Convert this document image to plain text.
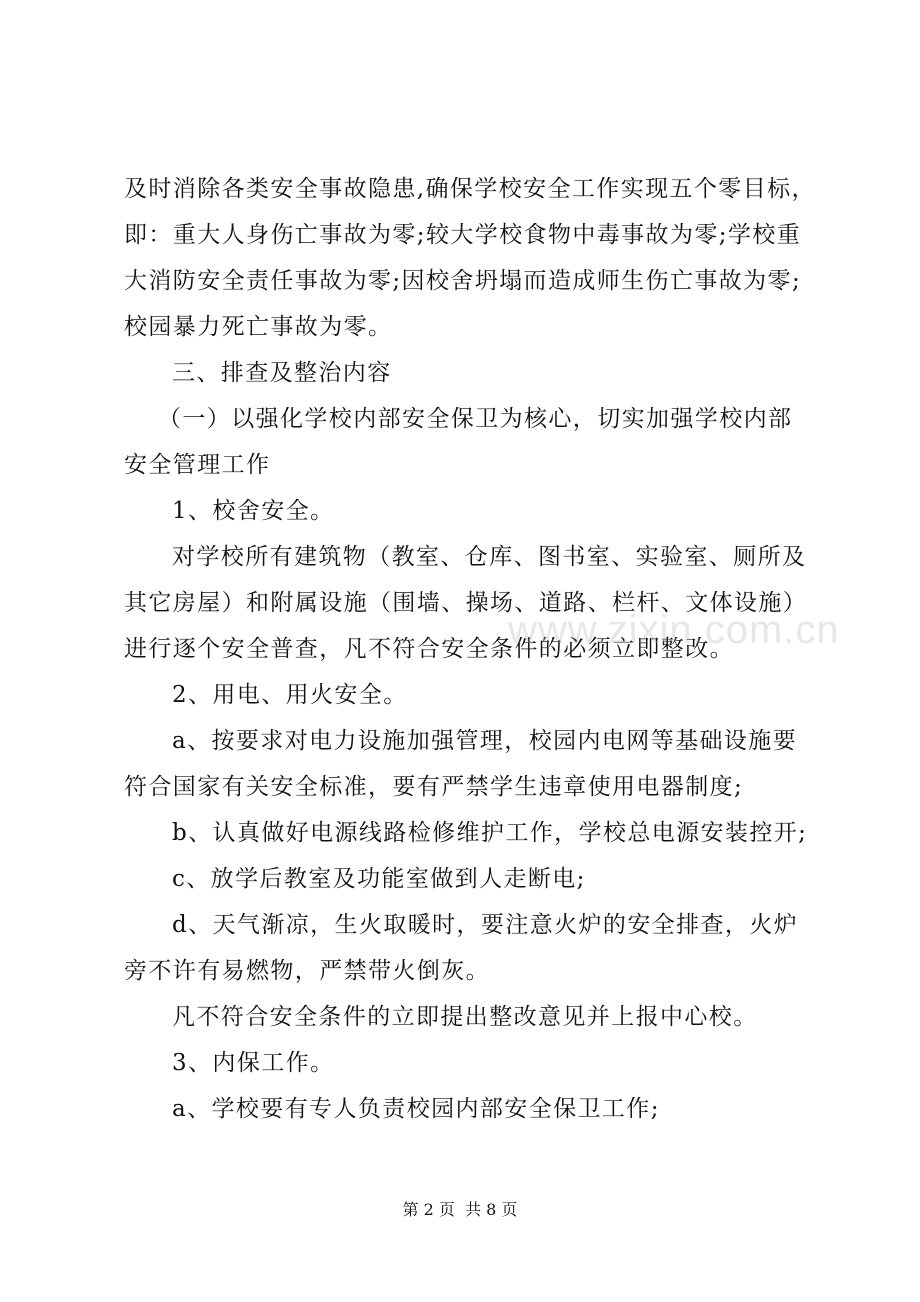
及时消除各类安全事故隐患,确保学校安全工作实现五个零目标，
即：重大人身伤亡事故为零;较大学校食物中毒事故为零;学校重
大消防安全责任事故为零;因校舍坍塌而造成师生伤亡事故为零;
校园暴力死亡事故为零。
三、排查及整治内容
（一）以强化学校内部安全保卫为核心，切实加强学校内部
安全管理工作
1、校舍安全。
对学校所有建筑物（教室、仓库、图书室、实验室、厕所及
其它房屋）和附属设施（围墙、操场、道路、栏杆、文体设施）
进行逐个安全普查，凡不符合安全条件的必须立即整改。
2、用电、用火安全。
a、按要求对电力设施加强管理，校园内电网等基础设施要
符合国家有关安全标准，要有严禁学生违章使用电器制度;
b、认真做好电源线路检修维护工作，学校总电源安装控开;
c、放学后教室及功能室做到人走断电;
d、天气渐凉，生火取暖时，要注意火炉的安全排查，火炉
旁不许有易燃物，严禁带火倒灰。
凡不符合安全条件的立即提出整改意见并上报中心校。
3、内保工作。
a、学校要有专人负责校园内部安全保卫工作;
www.zixin.com.cn
第 2 页 共 8 页
